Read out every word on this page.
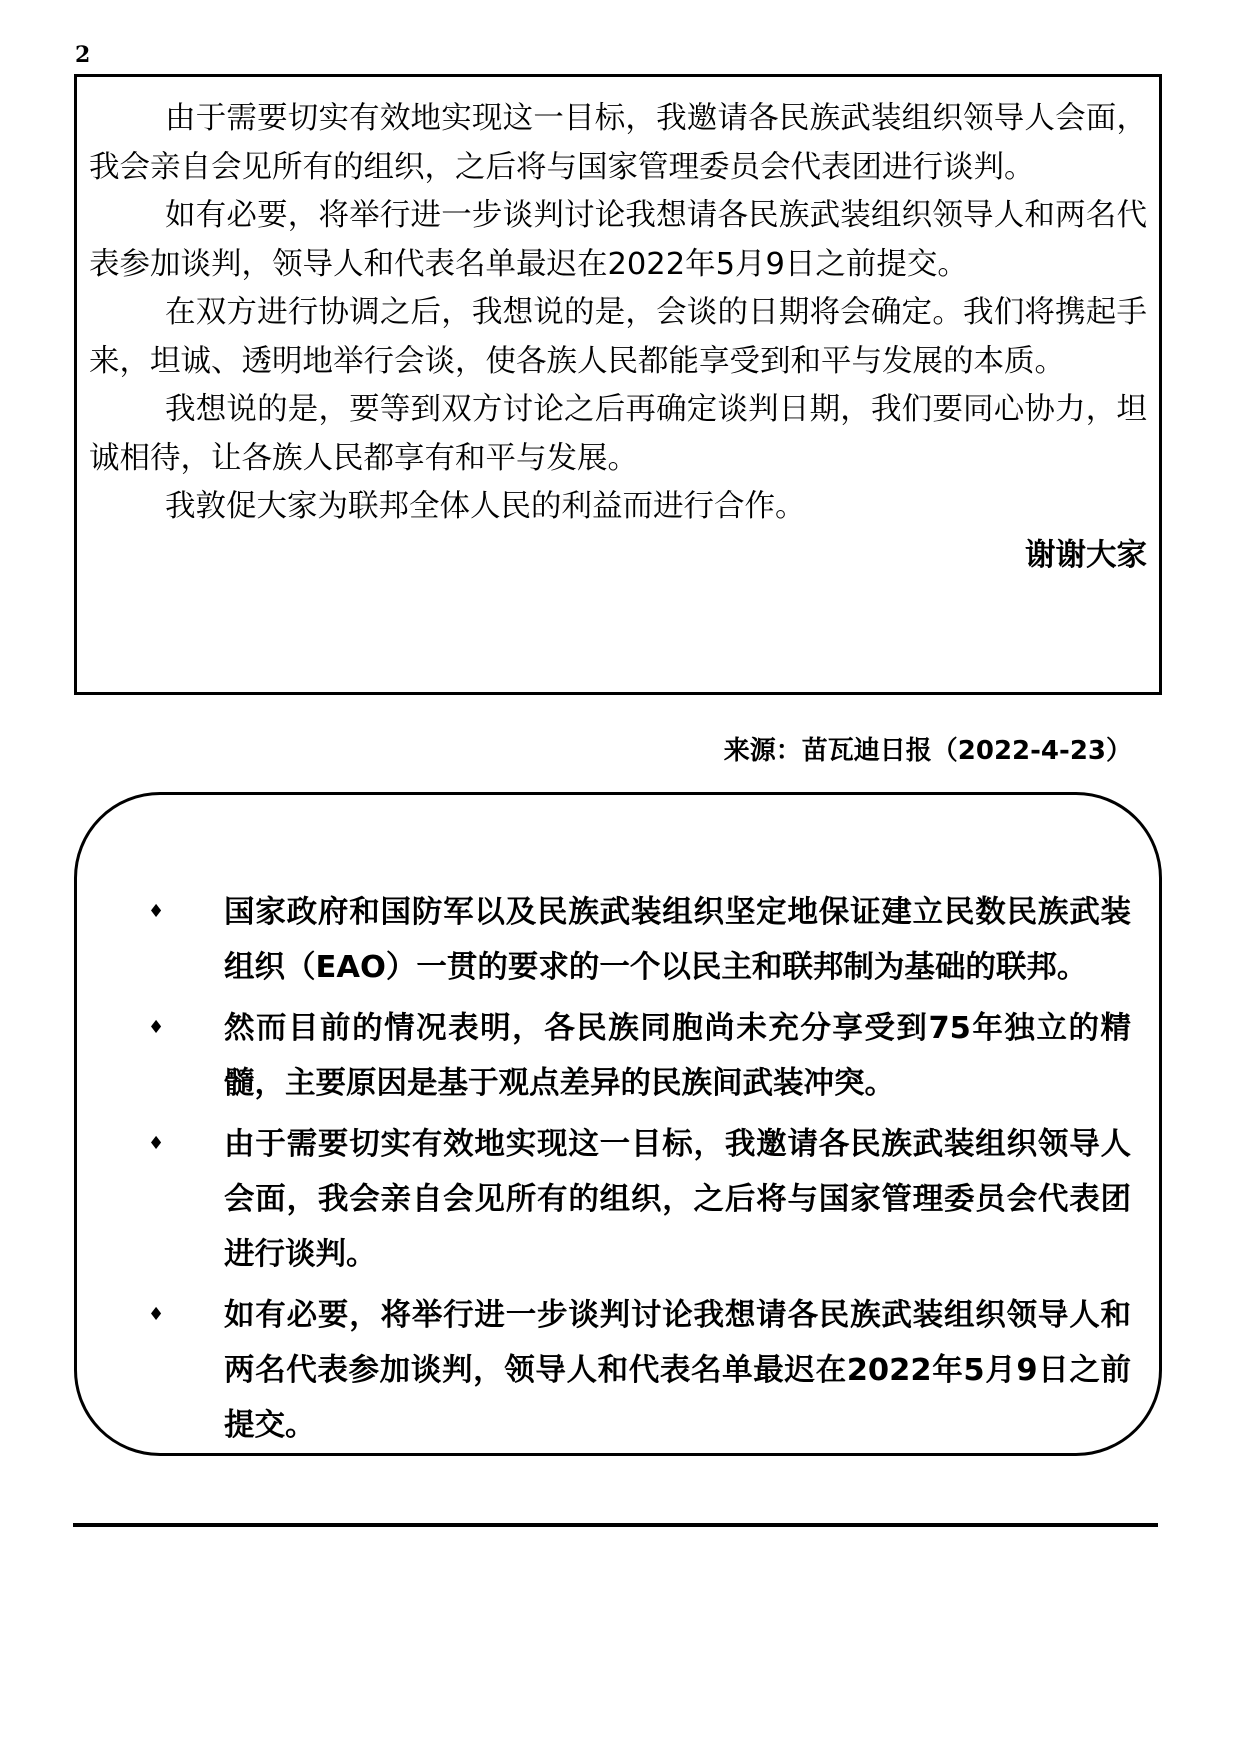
2

由于需要切实有效地实现这一目标，我邀请各民族武装组织领导人会面，我会亲自会见所有的组织，之后将与国家管理委员会代表团进行谈判。

如有必要，将举行进一步谈判讨论我想请各民族武装组织领导人和两名代表参加谈判，领导人和代表名单最迟在2022年5月9日之前提交。

在双方进行协调之后，我想说的是，会谈的日期将会确定。我们将携起手来，坦诚、透明地举行会谈，使各族人民都能享受到和平与发展的本质。

我想说的是，要等到双方讨论之后再确定谈判日期，我们要同心协力，坦诚相待，让各族人民都享有和平与发展。

我敦促大家为联邦全体人民的利益而进行合作。

谢谢大家

来源：苗瓦迪日报（2022-4-23）
♦ 国家政府和国防军以及民族武装组织坚定地保证建立民数民族武装组织（EAO）一贯的要求的一个以民主和联邦制为基础的联邦。
♦ 然而目前的情况表明，各民族同胞尚未充分享受到75年独立的精髓，主要原因是基于观点差异的民族间武装冲突。
♦ 由于需要切实有效地实现这一目标，我邀请各民族武装组织领导人会面，我会亲自会见所有的组织，之后将与国家管理委员会代表团进行谈判。
♦ 如有必要，将举行进一步谈判讨论我想请各民族武装组织领导人和两名代表参加谈判，领导人和代表名单最迟在2022年5月9日之前提交。
